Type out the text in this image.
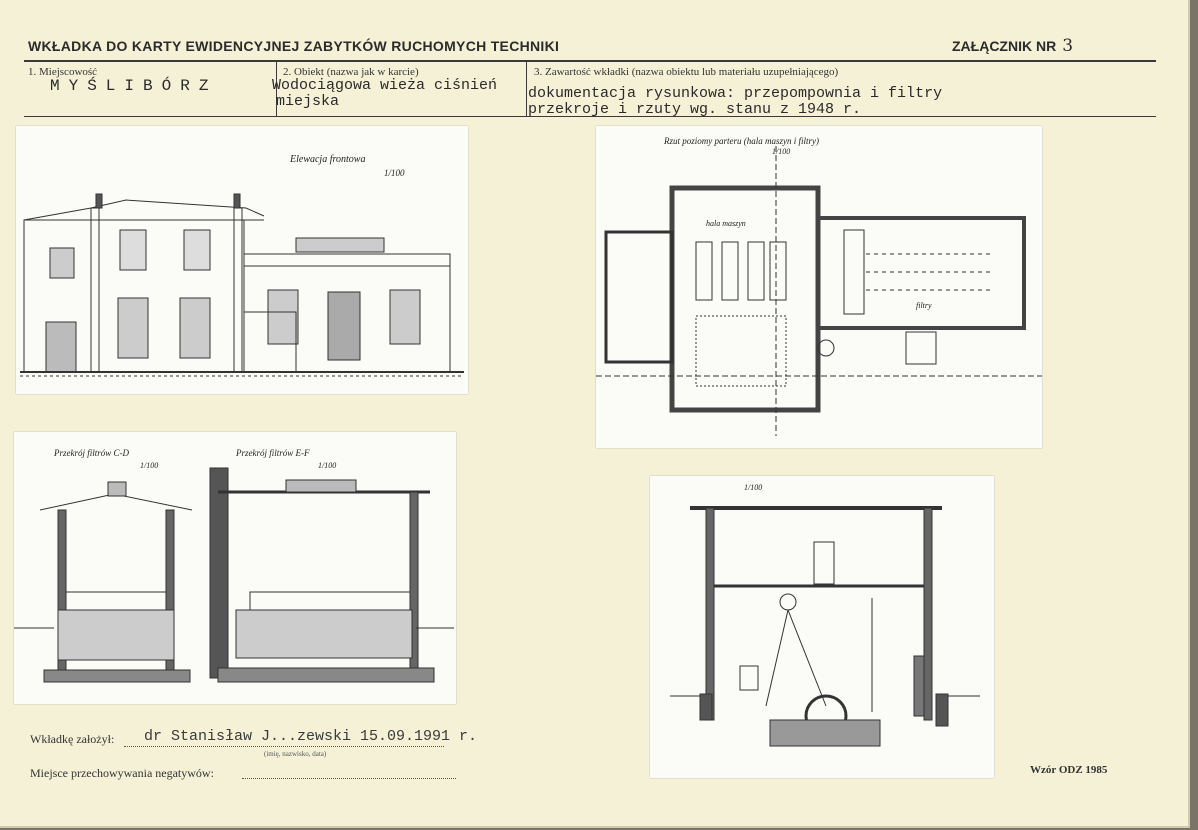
WKŁADKA DO KARTY EWIDENCYJNEJ ZABYTKÓW RUCHOMYCH TECHNIKI	ZAŁĄCZNIK NR 3
1. Miejscowość
MYŚLIBÓRZ
2. Obiekt (nazwa jak w karcie)
Wodociągowa wieża ciśnień
miejska
3. Zawartość wkładki (nazwa obiektu lub materiału uzupełniającego)
dokumentacja rysunkowa: przepompownia i filtry
przekroje i rzuty wg. stanu z 1948 r.
Elewacja frontowa
1/100
Rzut poziomy parteru (hala maszyn i filtry)
1/100
hala maszyn
filtry
Przekrój filtrów C-D
1/100
Przekrój filtrów E-F
1/100
1/100
Wkładkę założył: dr Stanisław J...zewski 15.09.1991 r.
(imię, nazwisko, data)
Miejsce przechowywania negatywów:	Wzór ODZ 1985
